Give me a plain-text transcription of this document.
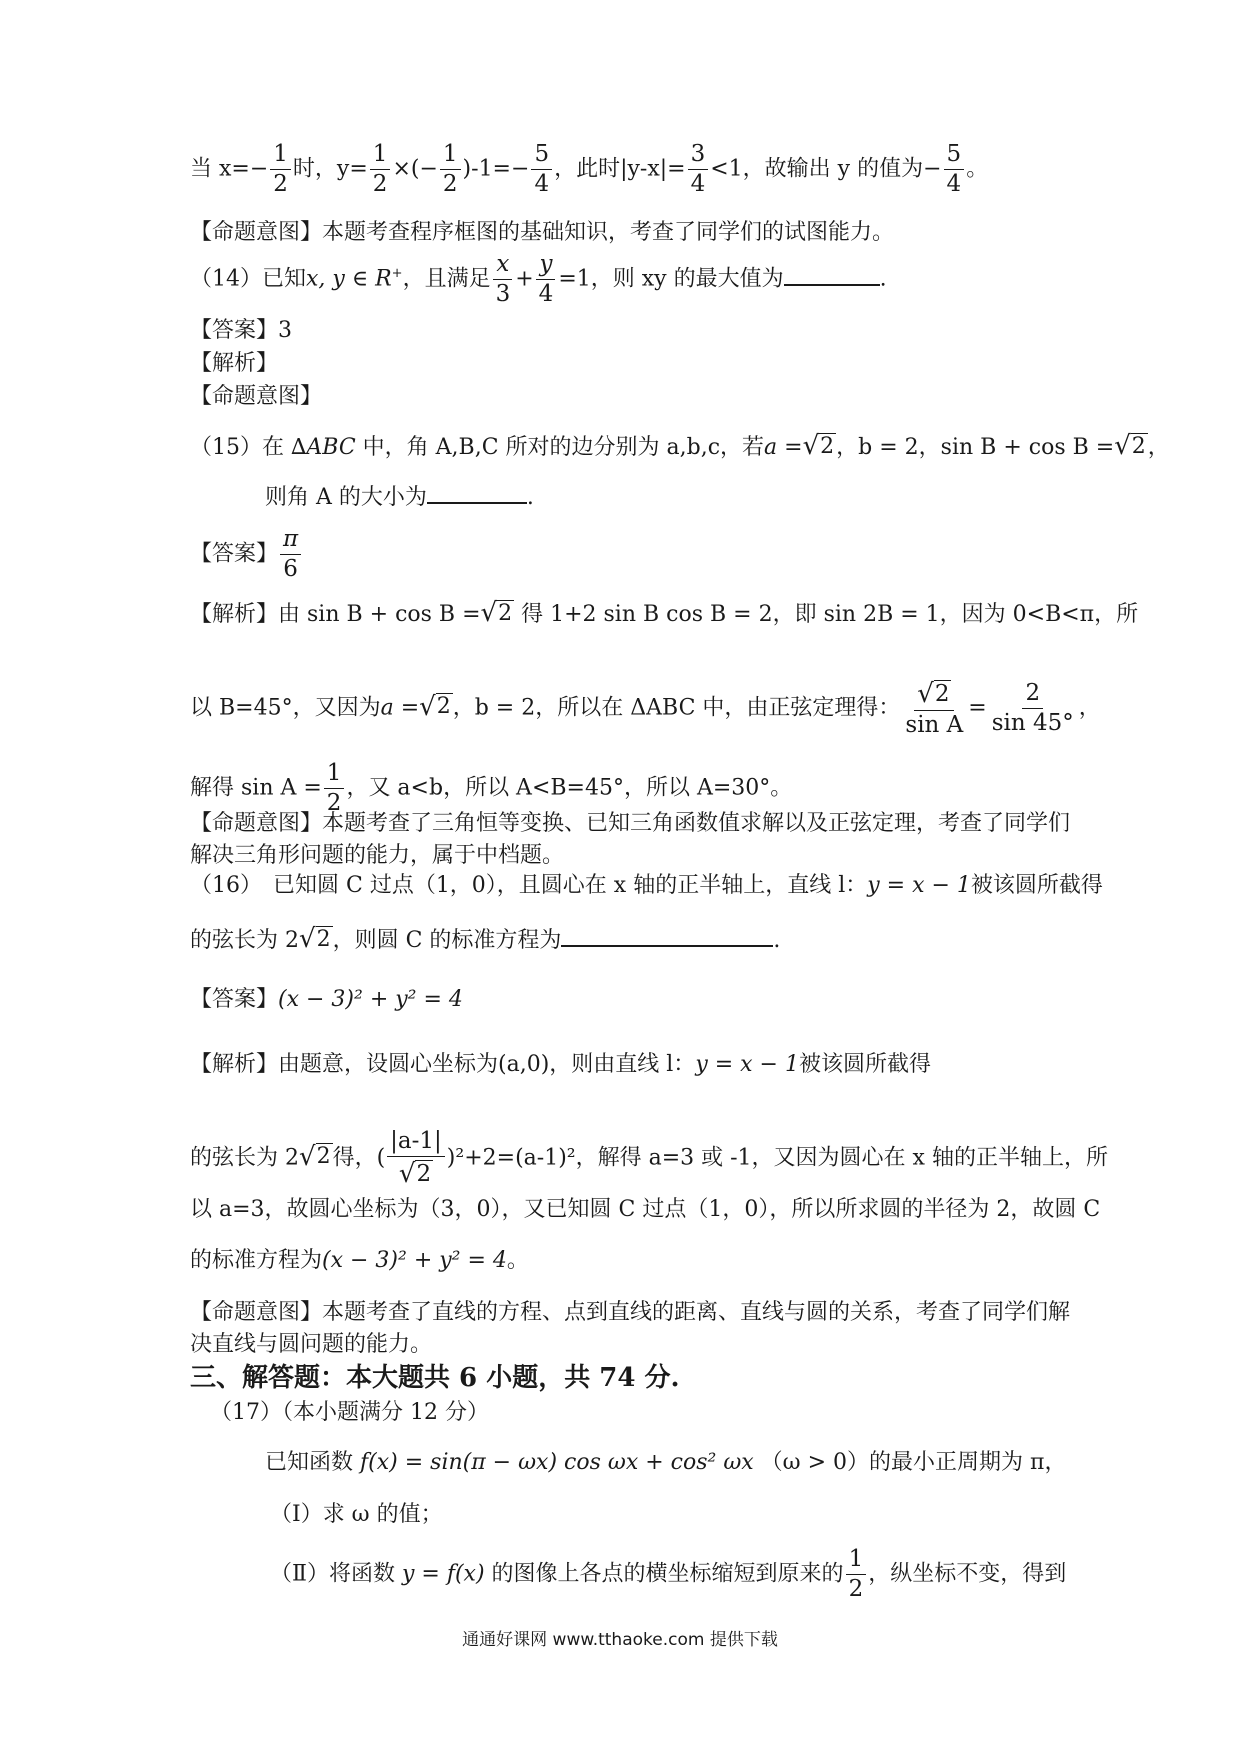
当 $x=- \frac{1}{2}$ 时，$y= \frac{1}{2}$ ×(− $\frac{1}{2} )-1=- \frac{5}{4}$ ，此时$|y-x|= \frac{3}{4} <1$，故输出 y 的值为− $\frac{5}{4}$ 。
【命题意图】本题考查程序框图的基础知识，考查了同学们的试图能力。
（14）已知x, y ∈ R+，且满足 $\frac{x}{3} + \frac{y}{4} =1$，则 xy 的最大值为	.
【答案】3
【解析】
【命题意图】
（15）在 ∆ABC 中，角 A,B,C 所对的边分别为 a,b,c，若a = √ 2 ，b = 2，sin B + cos B = √ 2 ，
则角 A 的大小为	.
【答案】 $\frac{\pi}{6}$
【解析】由 sin B + cos B = √ 2 得 1+2 sin B cos B = 2，即 sin 2B = 1，因为 0<B<π，所
以 B=45°，又因为a = √ 2 ，b = 2，所以在 ΔABC 中，由正弦定理得： $\frac{√ 2}{\text{sin A}} = \frac{2}{\sin 45^\circ}$ ，
解得 $\sin A = \frac{1}{2}$ ，又 a<b，所以 A<B=45°，所以 A=30°。
【命题意图】本题考查了三角恒等变换、已知三角函数值求解以及正弦定理，考查了同学们
解决三角形问题的能力，属于中档题。
（16）　已知圆 C 过点（1，0），且圆心在 x 轴的正半轴上，直线 l：y = x − 1被该圆所截得
的弦长为 2 √ 2 ，则圆 C 的标准方程为	.
【答案】(x − 3)² + y² = 4
【解析】由题意，设圆心坐标为(a,0)，则由直线 l：y = x − 1被该圆所截得
的弦长为 2 √ 2 得，( $\frac{|a-1|}{√ 2} )^2+2=(a-1)^2$，解得 a=3 或 -1，又因为圆心在 x 轴的正半轴上，所
以 a=3，故圆心坐标为（3，0），又已知圆 C 过点（1，0），所以所求圆的半径为 2，故圆 C
的标准方程为(x − 3)² + y² = 4。
【命题意图】本题考查了直线的方程、点到直线的距离、直线与圆的关系，考查了同学们解
决直线与圆问题的能力。
三、解答题：本大题共 6 小题，共 74 分.
（17）（本小题满分 12 分）
已知函数 f(x) = sin(π − ωx) cos ωx + cos² ωx （ω > 0）的最小正周期为 π，
（Ⅰ）求 ω 的值；
（Ⅱ）将函数 y = f(x) 的图像上各点的横坐标缩短到原来的 $\frac{1}{2}$ ，纵坐标不变，得到
通通好课网 www.tthaoke.com 提供下载
